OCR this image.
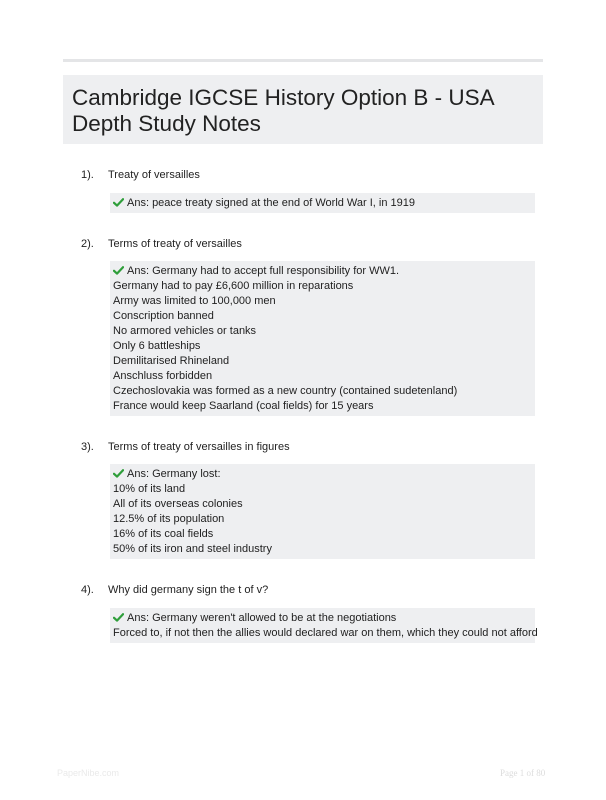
Cambridge IGCSE History Option B - USA Depth Study Notes
1). Treaty of versailles
Ans: peace treaty signed at the end of World War I, in 1919
2). Terms of treaty of versailles
Ans: Germany had to accept full responsibility for WW1.
Germany had to pay £6,600 million in reparations
Army was limited to 100,000 men
Conscription banned
No armored vehicles or tanks
Only 6 battleships
Demilitarised Rhineland
Anschluss forbidden
Czechoslovakia was formed as a new country (contained sudetenland)
France would keep Saarland (coal fields) for 15 years
3). Terms of treaty of versailles in figures
Ans: Germany lost:
10% of its land
All of its overseas colonies
12.5% of its population
16% of its coal fields
50% of its iron and steel industry
4). Why did germany sign the t of v?
Ans: Germany weren't allowed to be at the negotiations
Forced to, if not then the allies would declared war on them, which they could not afford
PaperNibe.com	Page 1 of 80
